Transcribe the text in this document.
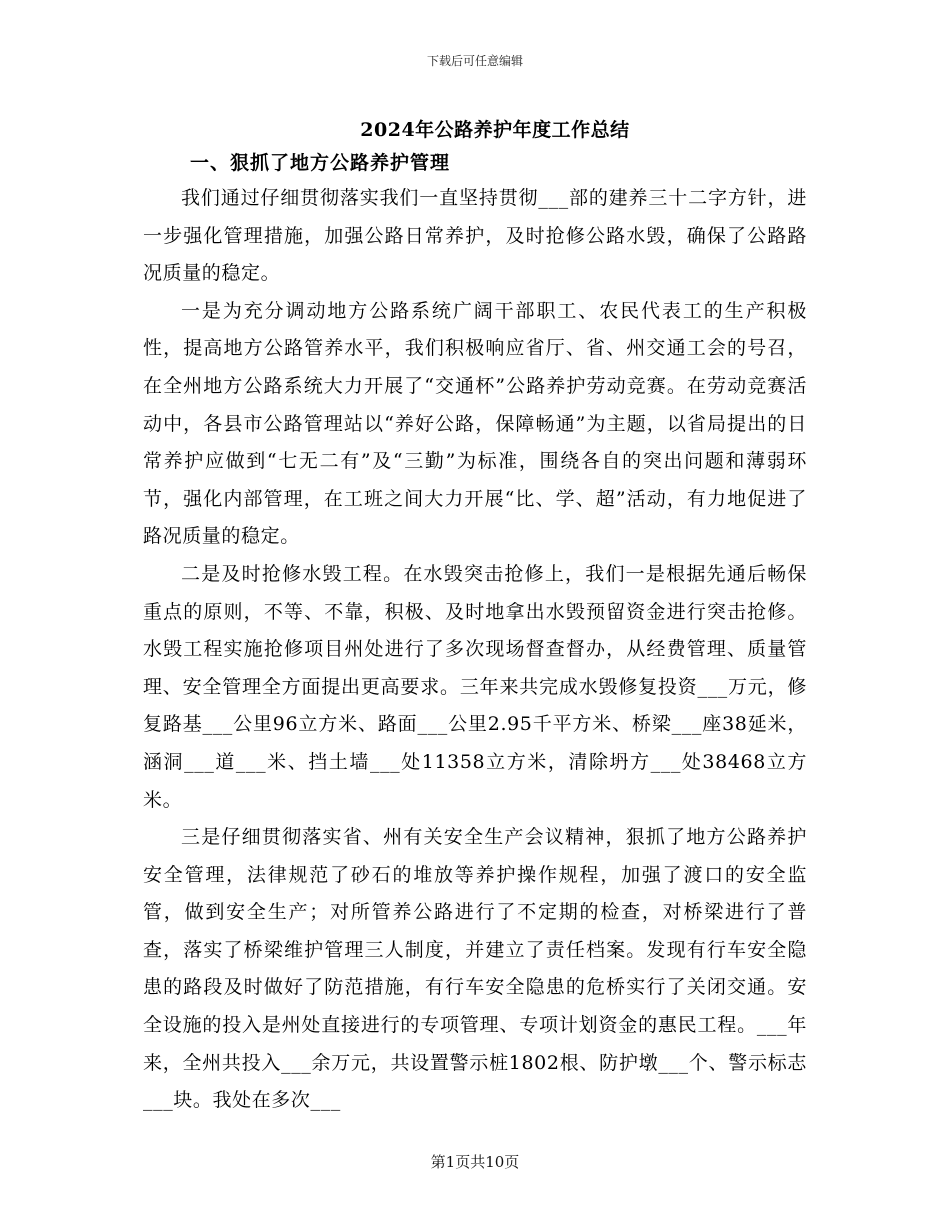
下载后可任意编辑
2024年公路养护年度工作总结
一、狠抓了地方公路养护管理

我们通过仔细贯彻落实我们一直坚持贯彻___部的建养三十二字方针，进一步强化管理措施，加强公路日常养护，及时抢修公路水毁，确保了公路路况质量的稳定。

一是为充分调动地方公路系统广阔干部职工、农民代表工的生产积极性，提高地方公路管养水平，我们积极响应省厅、省、州交通工会的号召，在全州地方公路系统大力开展了“交通杯”公路养护劳动竞赛。在劳动竞赛活动中，各县市公路管理站以“养好公路，保障畅通”为主题，以省局提出的日常养护应做到“七无二有”及“三勤”为标准，围绕各自的突出问题和薄弱环节，强化内部管理，在工班之间大力开展“比、学、超”活动，有力地促进了路况质量的稳定。

二是及时抢修水毁工程。在水毁突击抢修上，我们一是根据先通后畅保重点的原则，不等、不靠，积极、及时地拿出水毁预留资金进行突击抢修。水毁工程实施抢修项目州处进行了多次现场督查督办，从经费管理、质量管理、安全管理全方面提出更高要求。三年来共完成水毁修复投资___万元，修复路基___公里96立方米、路面___公里2.95千平方米、桥梁___座38延米，涵洞___道___米、挡土墙___处11358立方米，清除坍方___处38468立方米。

三是仔细贯彻落实省、州有关安全生产会议精神，狠抓了地方公路养护安全管理，法律规范了砂石的堆放等养护操作规程，加强了渡口的安全监管，做到安全生产；对所管养公路进行了不定期的检查，对桥梁进行了普查，落实了桥梁维护管理三人制度，并建立了责任档案。发现有行车安全隐患的路段及时做好了防范措施，有行车安全隐患的危桥实行了关闭交通。安全设施的投入是州处直接进行的专项管理、专项计划资金的惠民工程。___年来，全州共投入___余万元，共设置警示桩1802根、防护墩___个、警示标志___块。我处在多次___

第1页共10页
